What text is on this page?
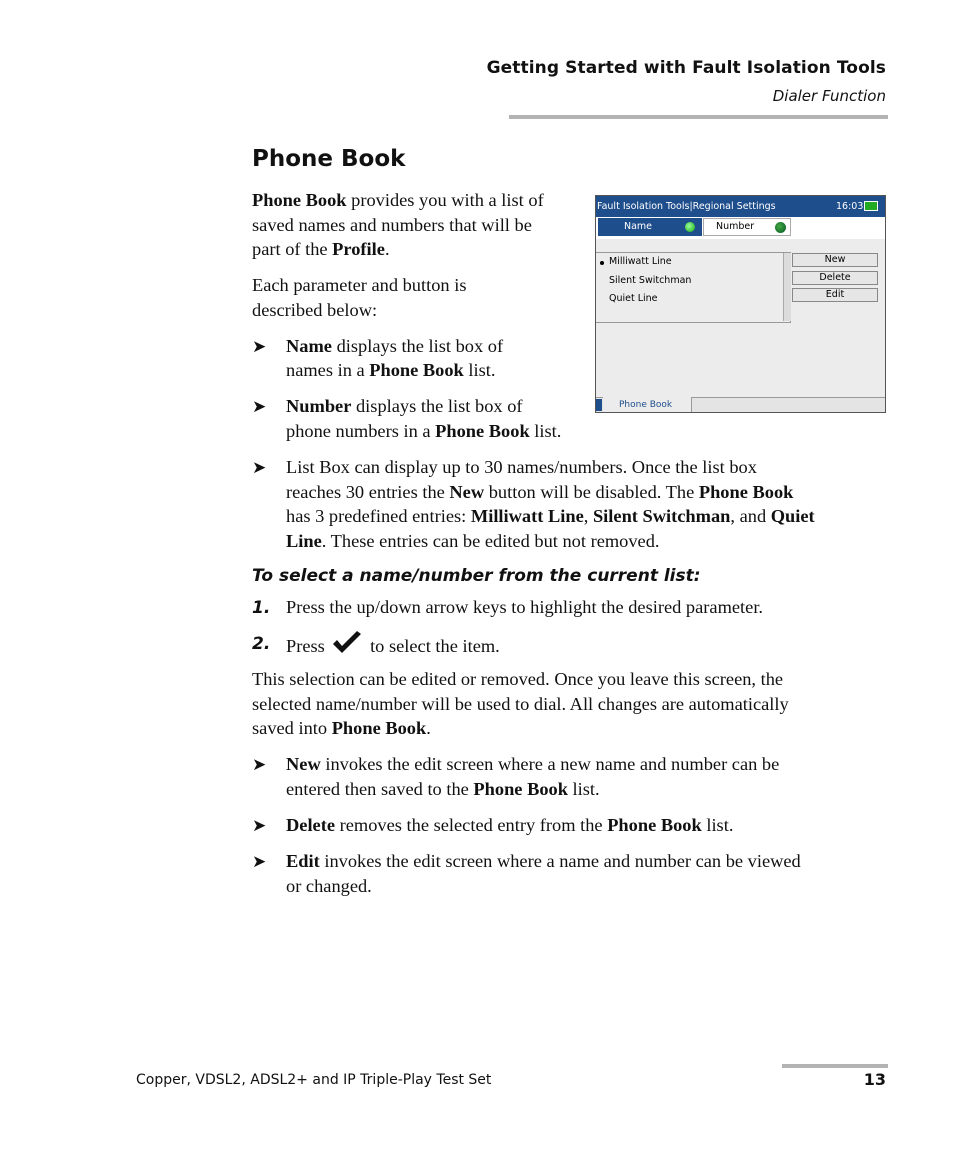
Getting Started with Fault Isolation Tools
Dialer Function
Phone Book

Phone Book provides you with a list of

saved names and numbers that will be

part of the Profile.

Each parameter and button is

described below:

➤ Name displays the list box of

names in a Phone Book list.

➤ Number displays the list box of

phone numbers in a Phone Book list.

➤ List Box can display up to 30 names/numbers. Once the list box

reaches 30 entries the New button will be disabled. The Phone Book

has 3 predefined entries: Milliwatt Line, Silent Switchman, and Quiet

Line. These entries can be edited but not removed.

To select a name/number from the current list:
1. Press the up/down arrow keys to highlight the desired parameter.

2. Press to select the item.

This selection can be edited or removed. Once you leave this screen, the

selected name/number will be used to dial. All changes are automatically

saved into Phone Book.

➤ New invokes the edit screen where a new name and number can be

entered then saved to the Phone Book list.

➤ Delete removes the selected entry from the Phone Book list.

➤ Edit invokes the edit screen where a name and number can be viewed

or changed.

Fault Isolation Tools|Regional Settings	16:03
Name	Number
Milliwatt Line
Silent Switchman
Quiet Line
New
Delete
Edit
Phone Book
Copper, VDSL2, ADSL2+ and IP Triple-Play Test Set	13
